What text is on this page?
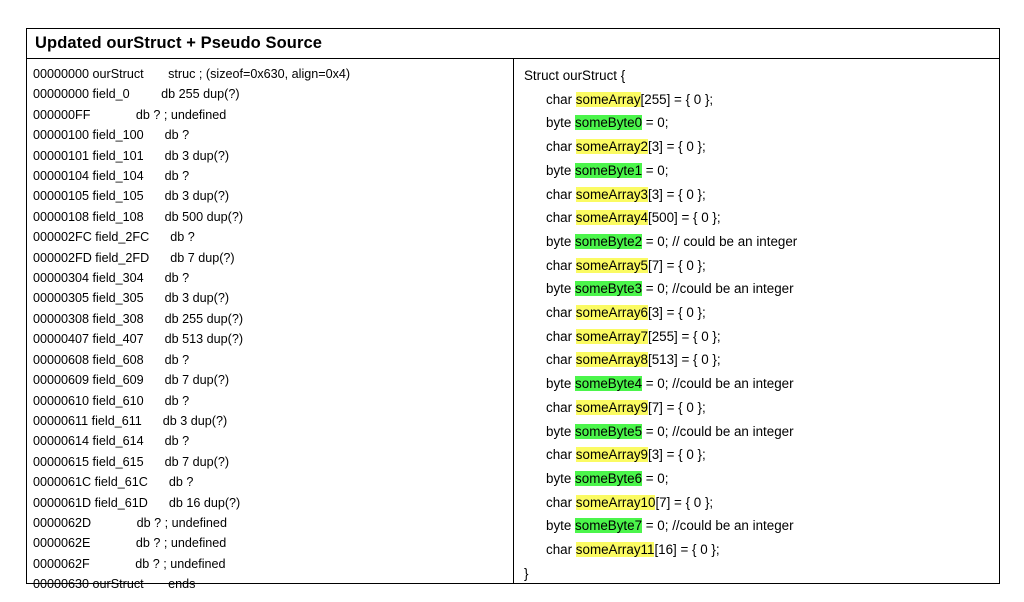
Updated ourStruct + Pseudo Source
00000000 ourStruct       struc ; (sizeof=0x630, align=0x4)
00000000 field_0         db 255 dup(?)
000000FF             db ? ; undefined
00000100 field_100      db ?
00000101 field_101      db 3 dup(?)
00000104 field_104      db ?
00000105 field_105      db 3 dup(?)
00000108 field_108      db 500 dup(?)
000002FC field_2FC      db ?
000002FD field_2FD      db 7 dup(?)
00000304 field_304      db ?
00000305 field_305      db 3 dup(?)
00000308 field_308      db 255 dup(?)
00000407 field_407      db 513 dup(?)
00000608 field_608      db ?
00000609 field_609      db 7 dup(?)
00000610 field_610      db ?
00000611 field_611      db 3 dup(?)
00000614 field_614      db ?
00000615 field_615      db 7 dup(?)
0000061C field_61C      db ?
0000061D field_61D      db 16 dup(?)
0000062D             db ? ; undefined
0000062E             db ? ; undefined
0000062F             db ? ; undefined
00000630 ourStruct       ends
Struct ourStruct {
char someArray[255] = { 0 };
byte someByte0 = 0;
char someArray2[3] = { 0 };
byte someByte1 = 0;
char someArray3[3] = { 0 };
char someArray4[500] = { 0 };
byte someByte2 = 0; // could be an integer
char someArray5[7] = { 0 };
byte someByte3 = 0; //could be an integer
char someArray6[3] = { 0 };
char someArray7[255] = { 0 };
char someArray8[513] = { 0 };
byte someByte4 = 0; //could be an integer
char someArray9[7] = { 0 };
byte someByte5 = 0; //could be an integer
char someArray9[3] = { 0 };
byte someByte6 = 0;
char someArray10[7] = { 0 };
byte someByte7 = 0; //could be an integer
char someArray11[16] = { 0 };
}
